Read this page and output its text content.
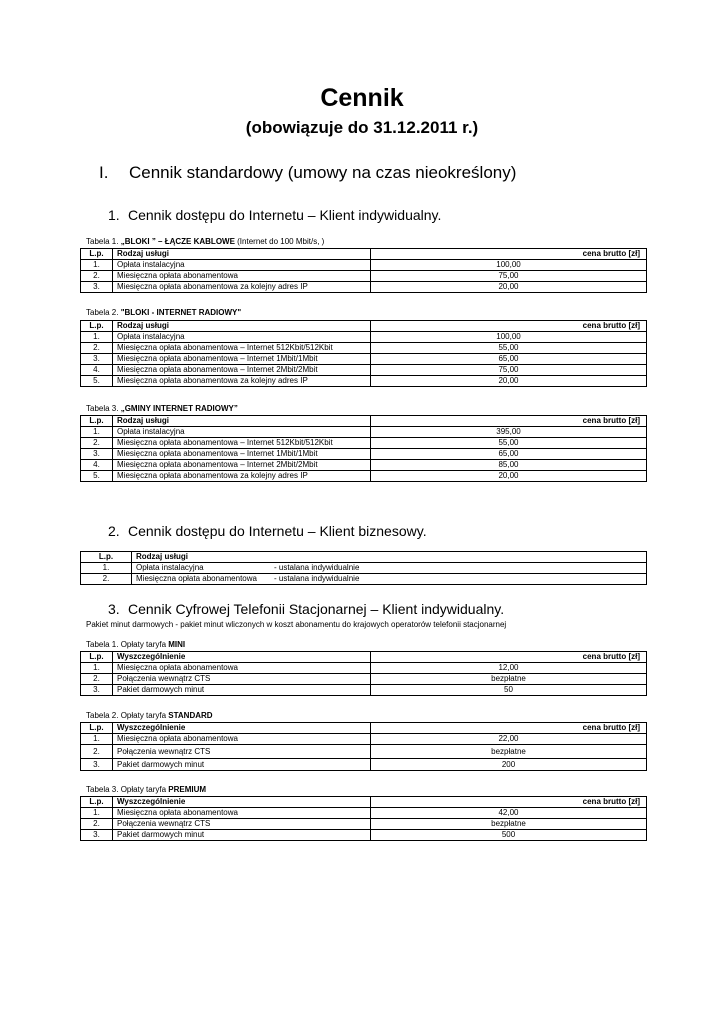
Cennik
(obowiązuje do 31.12.2011 r.)
I. Cennik standardowy (umowy na czas nieokreślony)
1. Cennik dostępu do Internetu – Klient indywidualny.
Tabela 1. „BLOKI ” – ŁĄCZE KABLOWE (Internet do 100 Mbit/s, )
L.p.	Rodzaj usługi	cena brutto [zł]
1.	Opłata instalacyjna	100,00
2.	Miesięczna opłata abonamentowa	75,00
3.	Miesięczna opłata abonamentowa za kolejny adres IP	20,00
Tabela 2. "BLOKI - INTERNET RADIOWY"
L.p.	Rodzaj usługi	cena brutto [zł]
1.	Opłata instalacyjna	100,00
2.	Miesięczna opłata abonamentowa – Internet 512Kbit/512Kbit	55,00
3.	Miesięczna opłata abonamentowa – Internet 1Mbit/1Mbit	65,00
4.	Miesięczna opłata abonamentowa – Internet 2Mbit/2Mbit	75,00
5.	Miesięczna opłata abonamentowa za kolejny adres IP	20,00
Tabela 3. „GMINY INTERNET RADIOWY”
L.p.	Rodzaj usługi	cena brutto [zł]
1.	Opłata instalacyjna	395,00
2.	Miesięczna opłata abonamentowa – Internet 512Kbit/512Kbit	55,00
3.	Miesięczna opłata abonamentowa – Internet 1Mbit/1Mbit	65,00
4.	Miesięczna opłata abonamentowa – Internet 2Mbit/2Mbit	85,00
5.	Miesięczna opłata abonamentowa za kolejny adres IP	20,00
2. Cennik dostępu do Internetu – Klient biznesowy.
L.p.	Rodzaj usługi
1.	Opłata instalacyjna - ustalana indywidualnie
2.	Miesięczna opłata abonamentowa - ustalana indywidualnie
3. Cennik Cyfrowej Telefonii Stacjonarnej – Klient indywidualny.
Pakiet minut darmowych - pakiet minut wliczonych w koszt abonamentu do krajowych operatorów telefonii stacjonarnej
Tabela 1. Opłaty taryfa MINI
L.p.	Wyszczególnienie	cena brutto [zł]
1.	Miesięczna opłata abonamentowa	12,00
2.	Połączenia wewnątrz CTS	bezpłatne
3.	Pakiet darmowych minut	50
Tabela 2. Opłaty taryfa STANDARD
L.p.	Wyszczególnienie	cena brutto [zł]
1.	Miesięczna opłata abonamentowa	22,00
2.	Połączenia wewnątrz CTS	bezpłatne
3.	Pakiet darmowych minut	200
Tabela 3. Opłaty taryfa PREMIUM
L.p.	Wyszczególnienie	cena brutto [zł]
1.	Miesięczna opłata abonamentowa	42,00
2.	Połączenia wewnątrz CTS	bezpłatne
3.	Pakiet darmowych minut	500
